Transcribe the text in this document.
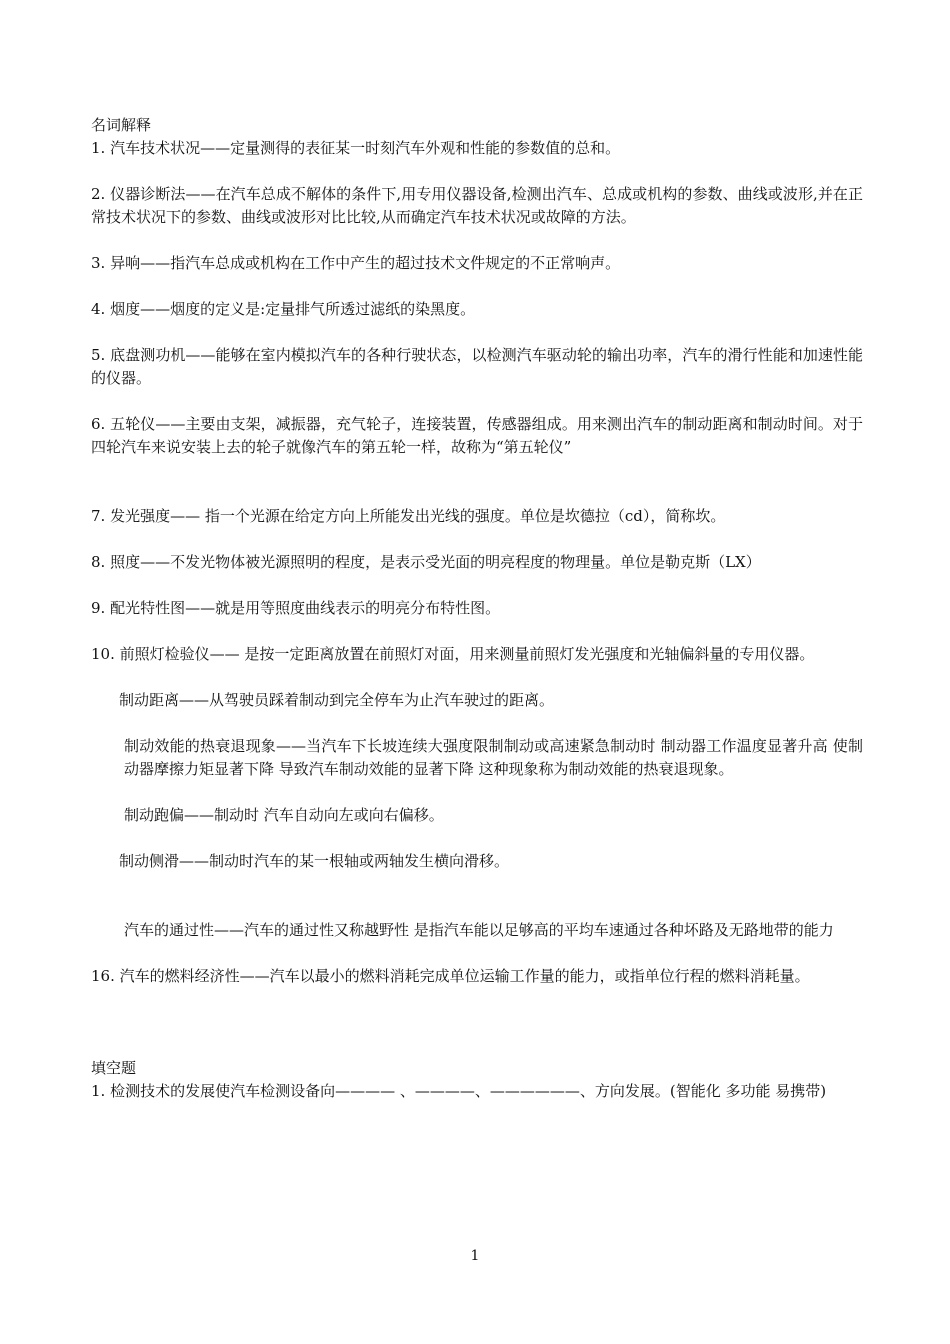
名词解释

1. 汽车技术状况——定量测得的表征某一时刻汽车外观和性能的参数值的总和。

2. 仪器诊断法——在汽车总成不解体的条件下,用专用仪器设备,检测出汽车、总成或机构的参数、曲线或波形,并在正常技术状况下的参数、曲线或波形对比比较,从而确定汽车技术状况或故障的方法。

3. 异响——指汽车总成或机构在工作中产生的超过技术文件规定的不正常响声。

4. 烟度——烟度的定义是:定量排气所透过滤纸的染黑度。

5. 底盘测功机——能够在室内模拟汽车的各种行驶状态，以检测汽车驱动轮的输出功率，汽车的滑行性能和加速性能的仪器。

6. 五轮仪——主要由支架，减振器，充气轮子，连接装置，传感器组成。用来测出汽车的制动距离和制动时间。对于四轮汽车来说安装上去的轮子就像汽车的第五轮一样，故称为“第五轮仪”

7. 发光强度—— 指一个光源在给定方向上所能发出光线的强度。单位是坎德拉（cd），简称坎。

8. 照度——不发光物体被光源照明的程度，是表示受光面的明亮程度的物理量。单位是勒克斯（LX）

9. 配光特性图——就是用等照度曲线表示的明亮分布特性图。

10. 前照灯检验仪—— 是按一定距离放置在前照灯对面，用来测量前照灯发光强度和光轴偏斜量的专用仪器。

制动距离——从驾驶员踩着制动到完全停车为止汽车驶过的距离。

制动效能的热衰退现象——当汽车下长坡连续大强度限制制动或高速紧急制动时 制动器工作温度显著升高 使制动器摩擦力矩显著下降 导致汽车制动效能的显著下降 这种现象称为制动效能的热衰退现象。

制动跑偏——制动时 汽车自动向左或向右偏移。

制动侧滑——制动时汽车的某一根轴或两轴发生横向滑移。

汽车的通过性——汽车的通过性又称越野性 是指汽车能以足够高的平均车速通过各种坏路及无路地带的能力

16. 汽车的燃料经济性——汽车以最小的燃料消耗完成单位运输工作量的能力，或指单位行程的燃料消耗量。

填空题

1. 检测技术的发展使汽车检测设备向———— 、————、——————、方向发展。(智能化 多功能 易携带)

1
